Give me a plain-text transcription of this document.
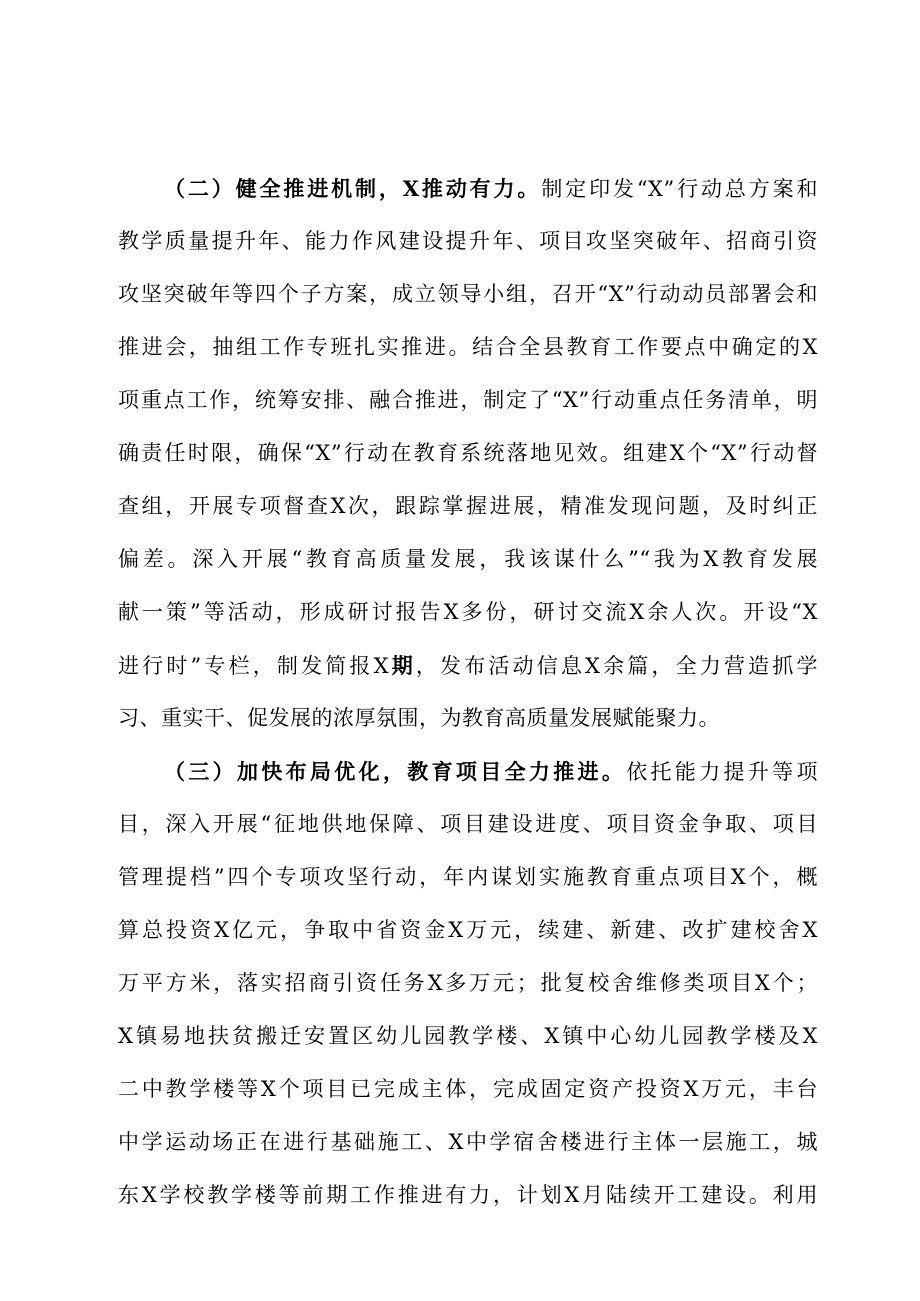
（二）健全推进机制，X推动有力。制定印发“X”行动总方案和
教学质量提升年、能力作风建设提升年、项目攻坚突破年、招商引资
攻坚突破年等四个子方案，成立领导小组，召开“X”行动动员部署会和
推进会，抽组工作专班扎实推进。结合全县教育工作要点中确定的X
项重点工作，统筹安排、融合推进，制定了“X”行动重点任务清单，明
确责任时限，确保“X”行动在教育系统落地见效。组建X个“X”行动督
查组，开展专项督查X次，跟踪掌握进展，精准发现问题，及时纠正
偏差。深入开展“教育高质量发展，我该谋什么”“我为X教育发展
献一策”等活动，形成研讨报告X多份，研讨交流X余人次。开设“X
进行时”专栏，制发简报X期，发布活动信息X余篇，全力营造抓学
习、重实干、促发展的浓厚氛围，为教育高质量发展赋能聚力。
（三）加快布局优化，教育项目全力推进。依托能力提升等项
目，深入开展“征地供地保障、项目建设进度、项目资金争取、项目
管理提档”四个专项攻坚行动，年内谋划实施教育重点项目X个，概
算总投资X亿元，争取中省资金X万元，续建、新建、改扩建校舍X
万平方米，落实招商引资任务X多万元；批复校舍维修类项目X个；
X镇易地扶贫搬迁安置区幼儿园教学楼、X镇中心幼儿园教学楼及X
二中教学楼等X个项目已完成主体，完成固定资产投资X万元，丰台
中学运动场正在进行基础施工、X中学宿舍楼进行主体一层施工，城
东X学校教学楼等前期工作推进有力，计划X月陆续开工建设。利用
